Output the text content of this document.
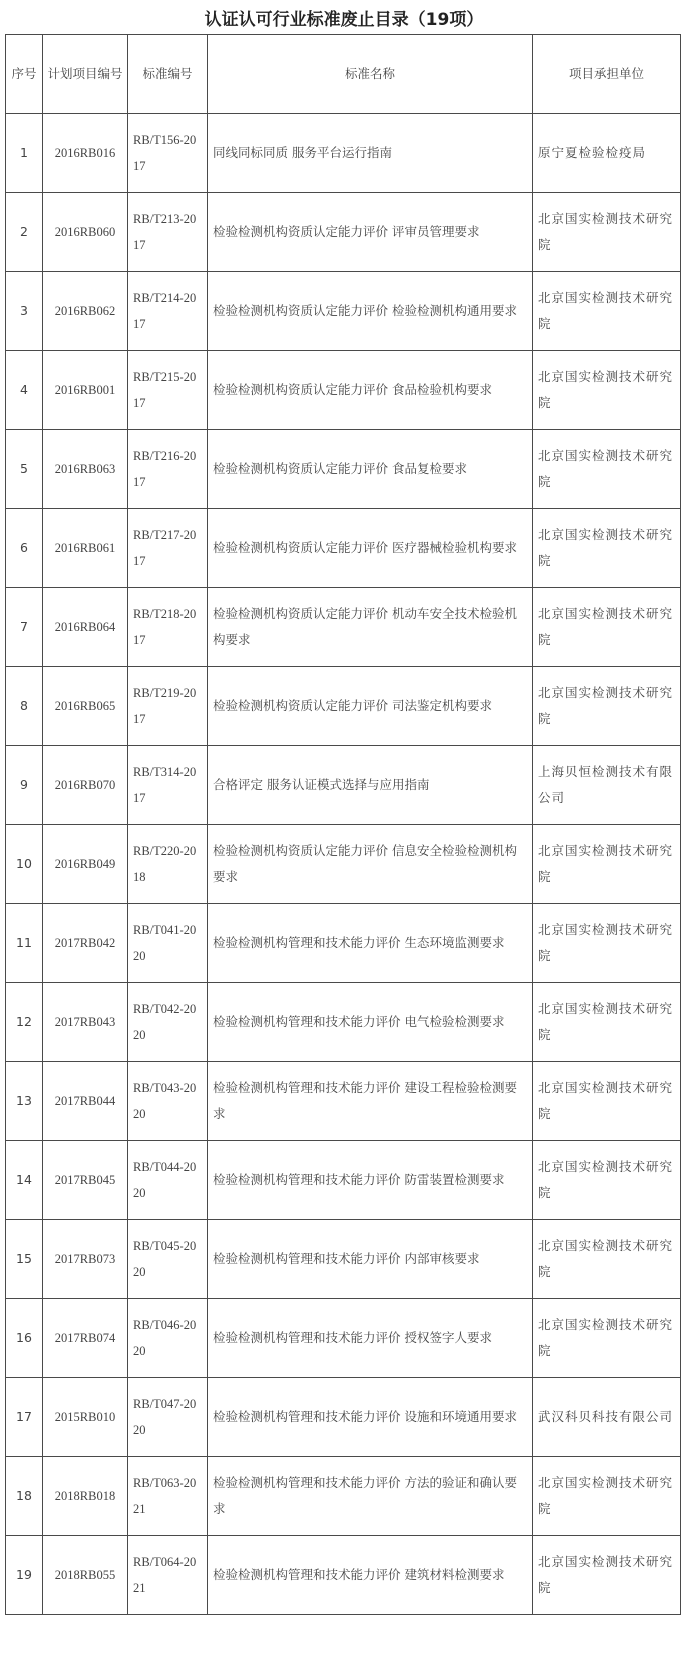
认证认可行业标准废止目录（19项）
序号	计划项目编号	标准编号	标准名称	项目承担单位
1	2016RB016	RB/T156-2017	同线同标同质 服务平台运行指南	原宁夏检验检疫局
2	2016RB060	RB/T213-2017	检验检测机构资质认定能力评价 评审员管理要求	北京国实检测技术研究院
3	2016RB062	RB/T214-2017	检验检测机构资质认定能力评价 检验检测机构通用要求	北京国实检测技术研究院
4	2016RB001	RB/T215-2017	检验检测机构资质认定能力评价 食品检验机构要求	北京国实检测技术研究院
5	2016RB063	RB/T216-2017	检验检测机构资质认定能力评价 食品复检要求	北京国实检测技术研究院
6	2016RB061	RB/T217-2017	检验检测机构资质认定能力评价 医疗器械检验机构要求	北京国实检测技术研究院
7	2016RB064	RB/T218-2017	检验检测机构资质认定能力评价 机动车安全技术检验机构要求	北京国实检测技术研究院
8	2016RB065	RB/T219-2017	检验检测机构资质认定能力评价 司法鉴定机构要求	北京国实检测技术研究院
9	2016RB070	RB/T314-2017	合格评定 服务认证模式选择与应用指南	上海贝恒检测技术有限公司
10	2016RB049	RB/T220-2018	检验检测机构资质认定能力评价 信息安全检验检测机构要求	北京国实检测技术研究院
11	2017RB042	RB/T041-2020	检验检测机构管理和技术能力评价 生态环境监测要求	北京国实检测技术研究院
12	2017RB043	RB/T042-2020	检验检测机构管理和技术能力评价 电气检验检测要求	北京国实检测技术研究院
13	2017RB044	RB/T043-2020	检验检测机构管理和技术能力评价 建设工程检验检测要求	北京国实检测技术研究院
14	2017RB045	RB/T044-2020	检验检测机构管理和技术能力评价 防雷装置检测要求	北京国实检测技术研究院
15	2017RB073	RB/T045-2020	检验检测机构管理和技术能力评价 内部审核要求	北京国实检测技术研究院
16	2017RB074	RB/T046-2020	检验检测机构管理和技术能力评价 授权签字人要求	北京国实检测技术研究院
17	2015RB010	RB/T047-2020	检验检测机构管理和技术能力评价 设施和环境通用要求	武汉科贝科技有限公司
18	2018RB018	RB/T063-2021	检验检测机构管理和技术能力评价 方法的验证和确认要求	北京国实检测技术研究院
19	2018RB055	RB/T064-2021	检验检测机构管理和技术能力评价 建筑材料检测要求	北京国实检测技术研究院
